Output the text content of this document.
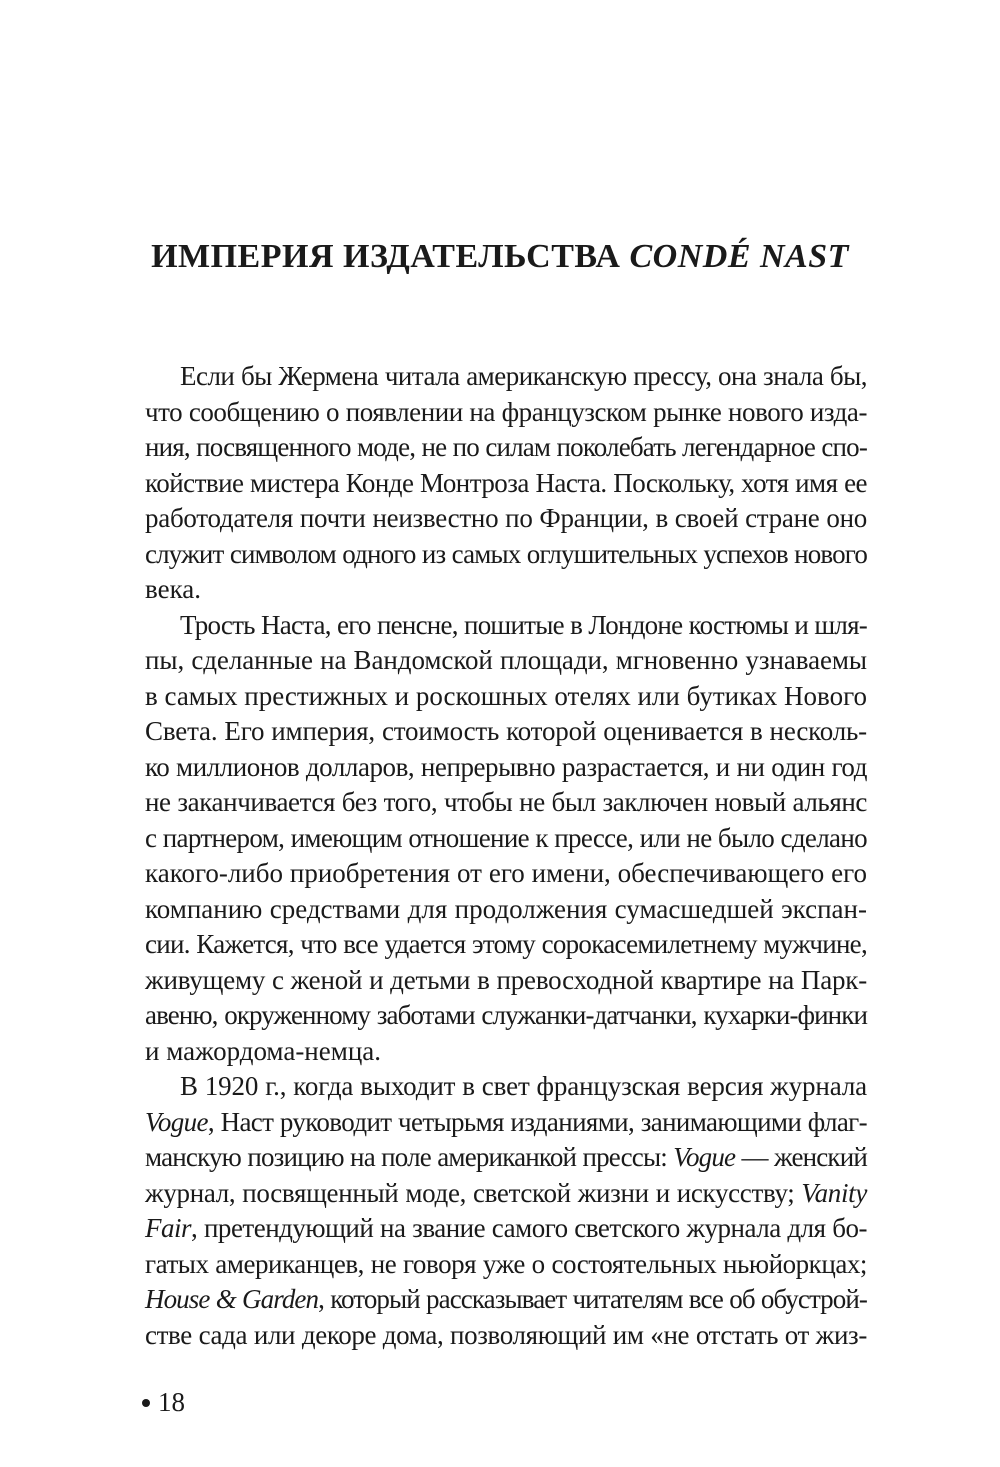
ИМПЕРИЯ ИЗДАТЕЛЬСТВА CONDÉ NAST
Если бы Жермена читала американскую прессу, она знала бы,
что сообщению о появлении на французском рынке нового изда-
ния, посвященного моде, не по силам поколебать легендарное спо-
койствие мистера Конде Монтроза Наста. Поскольку, хотя имя ее
работодателя почти неизвестно по Франции, в своей стране оно
служит символом одного из самых оглушительных успехов нового
века.
Трость Наста, его пенсне, пошитые в Лондоне костюмы и шля-
пы, сделанные на Вандомской площади, мгновенно узнаваемы
в самых престижных и роскошных отелях или бутиках Нового
Света. Его империя, стоимость которой оценивается в несколь-
ко миллионов долларов, непрерывно разрастается, и ни один год
не заканчивается без того, чтобы не был заключен новый альянс
с партнером, имеющим отношение к прессе, или не было сделано
какого-либо приобретения от его имени, обеспечивающего его
компанию средствами для продолжения сумасшедшей экспан-
сии. Кажется, что все удается этому сорокасемилетнему мужчине,
живущему с женой и детьми в превосходной квартире на Парк-
авеню, окруженному заботами служанки-датчанки, кухарки-финки
и мажордома-немца.
В 1920 г., когда выходит в свет французская версия журнала
Vogue, Наст руководит четырьмя изданиями, занимающими флаг-
манскую позицию на поле американкой прессы: Vogue — женский
журнал, посвященный моде, светской жизни и искусству; Vanity
Fair, претендующий на звание самого светского журнала для бо-
гатых американцев, не говоря уже о состоятельных ньюйоркцах;
House & Garden, который рассказывает читателям все об обустрой-
стве сада или декоре дома, позволяющий им «не отстать от жиз-
18
